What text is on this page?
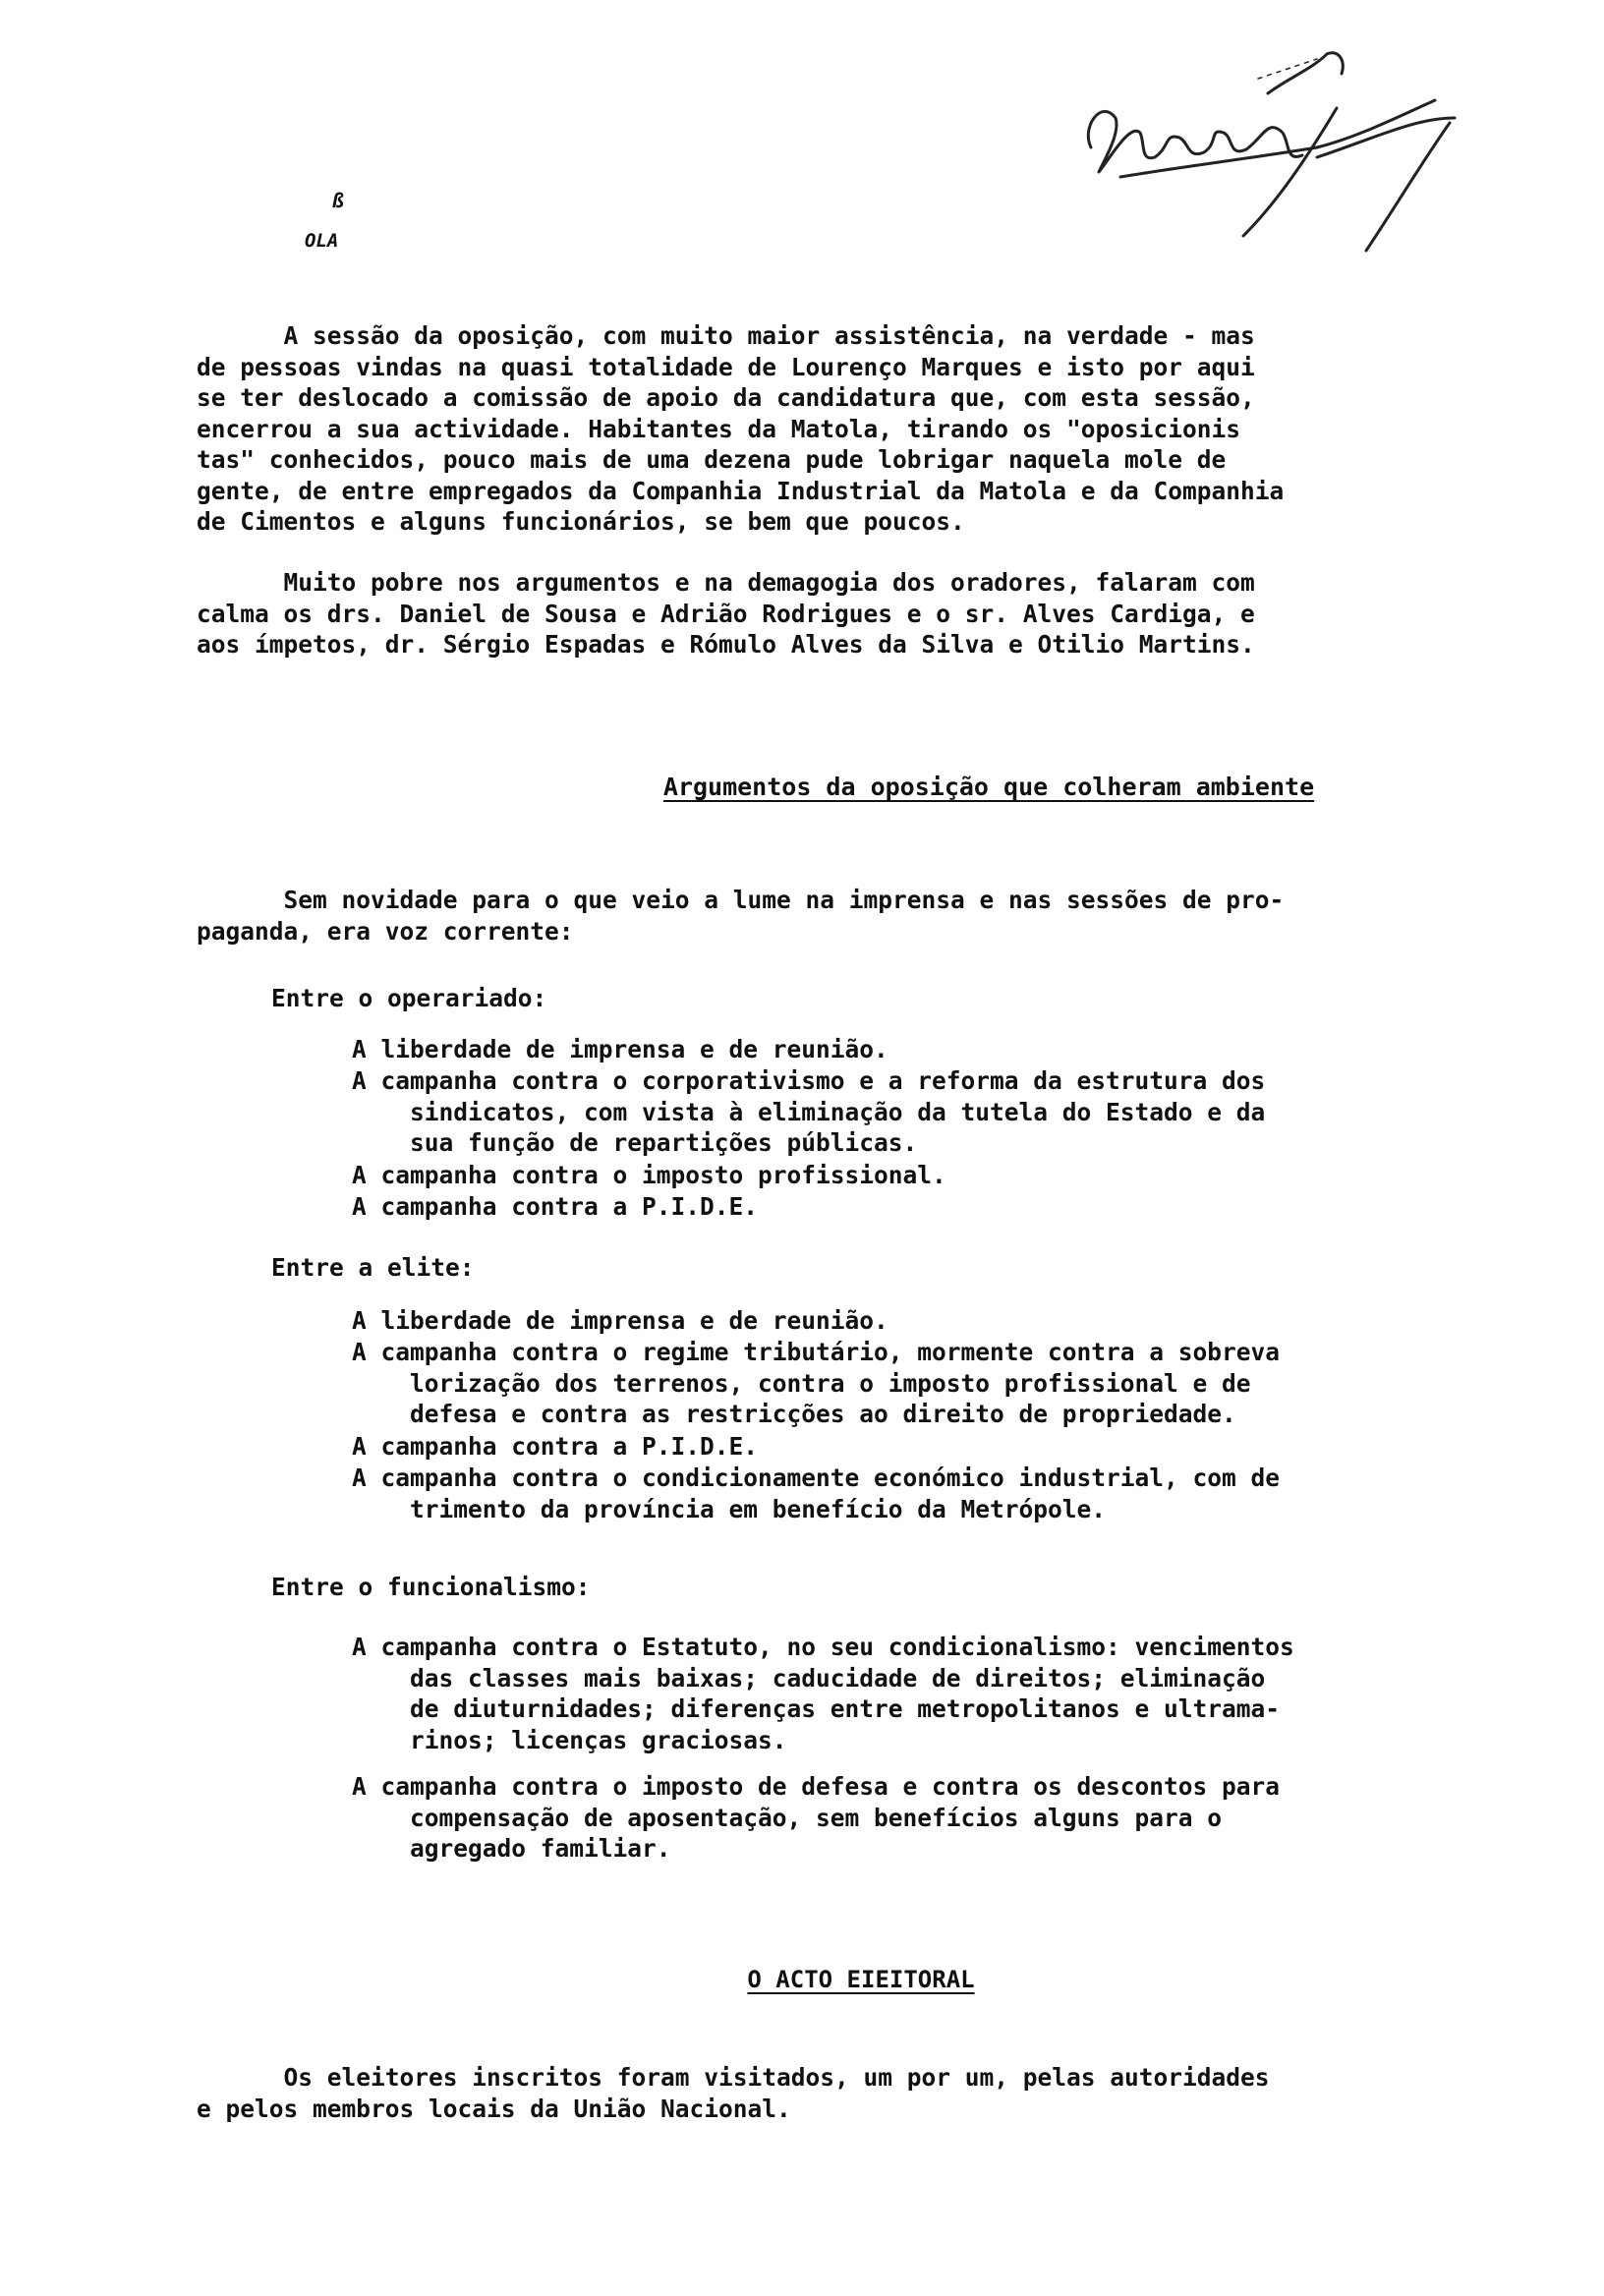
ß
OLA

A sessão da oposição, com muito maior assistência, na verdade - mas
de pessoas vindas na quasi totalidade de Lourenço Marques e isto por aqui
se ter deslocado a comissão de apoio da candidatura que, com esta sessão,
encerrou a sua actividade. Habitantes da Matola, tirando os "oposicionis
tas" conhecidos, pouco mais de uma dezena pude lobrigar naquela mole de
gente, de entre empregados da Companhia Industrial da Matola e da Companhia
de Cimentos e alguns funcionários, se bem que poucos.

Muito pobre nos argumentos e na demagogia dos oradores, falaram com
calma os drs. Daniel de Sousa e Adrião Rodrigues e o sr. Alves Cardiga, e
aos ímpetos, dr. Sérgio Espadas e Rómulo Alves da Silva e Otilio Martins.

Argumentos da oposição que colheram ambiente

Sem novidade para o que veio a lume na imprensa e nas sessões de pro-
paganda, era voz corrente:

Entre o operariado:

A liberdade de imprensa e de reunião.

A campanha contra o corporativismo e a reforma da estrutura dos
sindicatos, com vista à eliminação da tutela do Estado e da
sua função de repartições públicas.

A campanha contra o imposto profissional.

A campanha contra a P.I.D.E.

Entre a elite:

A liberdade de imprensa e de reunião.

A campanha contra o regime tributário, mormente contra a sobreva
lorização dos terrenos, contra o imposto profissional e de
defesa e contra as restricções ao direito de propriedade.

A campanha contra a P.I.D.E.

A campanha contra o condicionamente económico industrial, com de
trimento da província em benefício da Metrópole.

Entre o funcionalismo:

A campanha contra o Estatuto, no seu condicionalismo: vencimentos
das classes mais baixas; caducidade de direitos; eliminação
de diuturnidades; diferenças entre metropolitanos e ultrama-
rinos; licenças graciosas.

A campanha contra o imposto de defesa e contra os descontos para
compensação de aposentação, sem benefícios alguns para o
agregado familiar.

O ACTO EIEITORAL

Os eleitores inscritos foram visitados, um por um, pelas autoridades
e pelos membros locais da União Nacional.
